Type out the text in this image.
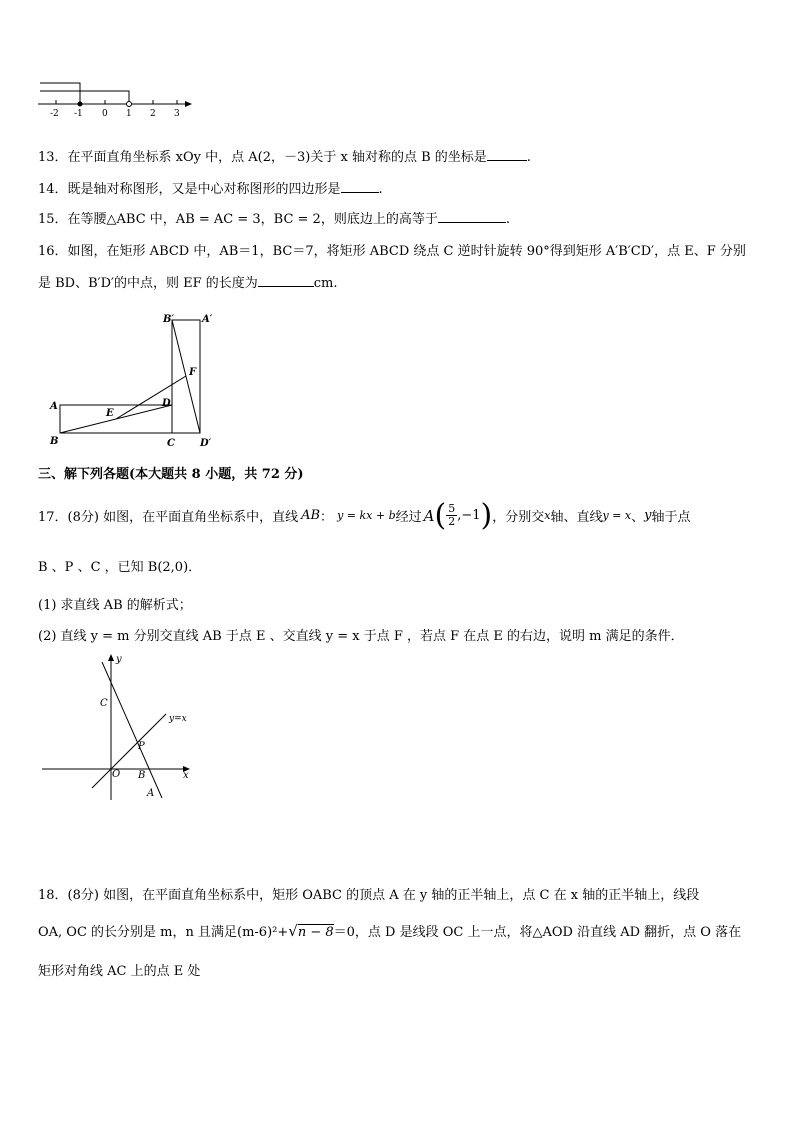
-2 -1 0 1 2 3
13．在平面直角坐标系 xOy 中，点 A(2，－3)关于 x 轴对称的点 B 的坐标是	.
14．既是轴对称图形，又是中心对称图形的四边形是	.
15．在等腰△ABC 中，AB = AC = 3，BC = 2，则底边上的高等于	.
16．如图，在矩形 ABCD 中，AB＝1，BC＝7，将矩形 ABCD 绕点 C 逆时针旋转 90°得到矩形 A′B′CD′，点 E、F 分别
是 BD、B′D′的中点，则 EF 的长度为	cm.
B′	A′
F
A
E
D
B	C	D′
三、解下列各题(本大题共 8 小题，共 72 分)
17．(8分) 如图，在平面直角坐标系中，直线 AB ： y = kx + b 经过 A ( $\frac{5}{2} ,-1$ ) ，分别交 x 轴、直线 y = x 、 y 轴于点
B 、P 、C ，已知 B(2,0)．
(1) 求直线 AB 的解析式；
(2) 直线 y = m 分别交直线 AB 于点 E 、交直线 y = x 于点 F ，若点 F 在点 E 的右边，说明 m 满足的条件．
y
x
C
y=x
P
O B
A
18．(8分) 如图，在平面直角坐标系中，矩形 OABC 的顶点 A 在 y 轴的正半轴上，点 C 在 x 轴的正半轴上，线段
OA, OC 的长分别是 m，n 且满足(m-6)²+√n − 8＝0，点 D 是线段 OC 上一点，将△AOD 沿直线 AD 翻折，点 O 落在
矩形对角线 AC 上的点 E 处
